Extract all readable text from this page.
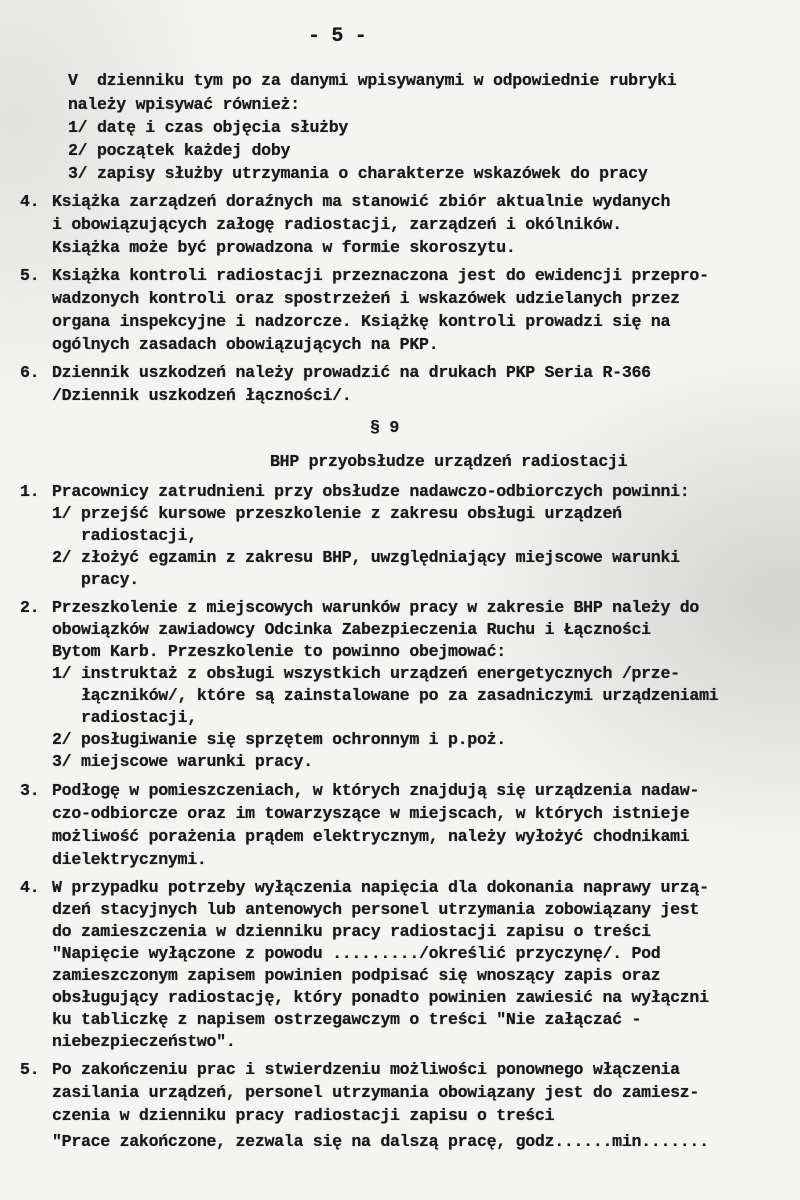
- 5 -
V  dzienniku tym po za danymi wpisywanymi w odpowiednie rubryki
należy wpisywać również:
1/ datę i czas objęcia służby
2/ początek każdej doby
3/ zapisy służby utrzymania o charakterze wskazówek do pracy
4. Książka zarządzeń doraźnych ma stanowić zbiór aktualnie wydanych
i obowiązujących załogę radiostacji, zarządzeń i okólników.
Książka może być prowadzona w formie skoroszytu.
5. Książka kontroli radiostacji przeznaczona jest do ewidencji przepro-
wadzonych kontroli oraz spostrzeżeń i wskazówek udzielanych przez
organa inspekcyjne i nadzorcze. Książkę kontroli prowadzi się na
ogólnych zasadach obowiązujących na PKP.
6. Dziennik uszkodzeń należy prowadzić na drukach PKP Seria R-366
/Dziennik uszkodzeń łączności/.
§ 9
BHP przyobsłudze urządzeń radiostacji
1. Pracownicy zatrudnieni przy obsłudze nadawczo-odbiorczych powinni:
1/ przejść kursowe przeszkolenie z zakresu obsługi urządzeń
radiostacji,
2/ złożyć egzamin z zakresu BHP, uwzględniający miejscowe warunki
pracy.
2. Przeszkolenie z miejscowych warunków pracy w zakresie BHP należy do
obowiązków zawiadowcy Odcinka Zabezpieczenia Ruchu i Łączności
Bytom Karb. Przeszkolenie to powinno obejmować:
1/ instruktaż z obsługi wszystkich urządzeń energetycznych /prze-
łączników/, które są zainstalowane po za zasadniczymi urządzeniami
radiostacji,
2/ posługiwanie się sprzętem ochronnym i p.poż.
3/ miejscowe warunki pracy.
3. Podłogę w pomieszczeniach, w których znajdują się urządzenia nadaw-
czo-odbiorcze oraz im towarzyszące w miejscach, w których istnieje
możliwość porażenia prądem elektrycznym, należy wyłożyć chodnikami
dielektrycznymi.
4. W przypadku potrzeby wyłączenia napięcia dla dokonania naprawy urzą-
dzeń stacyjnych lub antenowych personel utrzymania zobowiązany jest
do zamieszczenia w dzienniku pracy radiostacji zapisu o treści
"Napięcie wyłączone z powodu ........./określić przyczynę/. Pod
zamieszczonym zapisem powinien podpisać się wnoszący zapis oraz
obsługujący radiostację, który ponadto powinien zawiesić na wyłączni
ku tabliczkę z napisem ostrzegawczym o treści "Nie załączać -
niebezpieczeństwo".
5. Po zakończeniu prac i stwierdzeniu możliwości ponownego włączenia
zasilania urządzeń, personel utrzymania obowiązany jest do zamiesz-
czenia w dzienniku pracy radiostacji zapisu o treści
"Prace zakończone, zezwala się na dalszą pracę, godz......min.......
